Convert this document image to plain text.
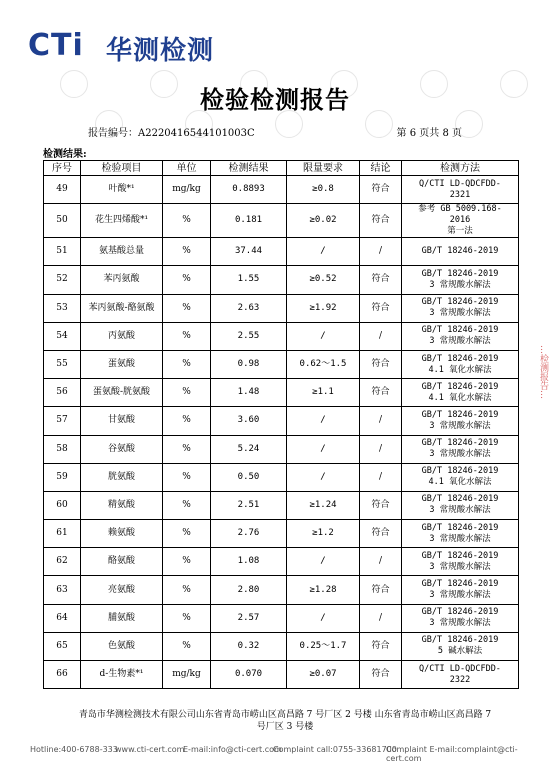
CTi 华测检测
检验检测报告
报告编号：A2220416544101003C	第 6 页共 8 页
检测结果:
序号	检验项目	单位	检测结果	限量要求	结论	检测方法
49	叶酸*¹	mg/kg	0.8893	≥0.8	符合	Q/CTI LD-QDCFDD-
2321

50	花生四烯酸*¹	%	0.181	≥0.02	符合	参考 GB 5009.168-
2016
第一法

51	氨基酸总量	%	37.44	/	/	GB/T 18246-2019

52	苯丙氨酸	%	1.55	≥0.52	符合	GB/T 18246-2019
3 常规酸水解法

53	苯丙氨酸-酪氨酸	%	2.63	≥1.92	符合	GB/T 18246-2019
3 常规酸水解法

54	丙氨酸	%	2.55	/	/	GB/T 18246-2019
3 常规酸水解法

55	蛋氨酸	%	0.98	0.62～1.5	符合	GB/T 18246-2019
4.1 氧化水解法

56	蛋氨酸-胱氨酸	%	1.48	≥1.1	符合	GB/T 18246-2019
4.1 氧化水解法

57	甘氨酸	%	3.60	/	/	GB/T 18246-2019
3 常规酸水解法

58	谷氨酸	%	5.24	/	/	GB/T 18246-2019
3 常规酸水解法

59	胱氨酸	%	0.50	/	/	GB/T 18246-2019
4.1 氧化水解法

60	精氨酸	%	2.51	≥1.24	符合	GB/T 18246-2019
3 常规酸水解法

61	赖氨酸	%	2.76	≥1.2	符合	GB/T 18246-2019
3 常规酸水解法

62	酪氨酸	%	1.08	/	/	GB/T 18246-2019
3 常规酸水解法

63	亮氨酸	%	2.80	≥1.28	符合	GB/T 18246-2019
3 常规酸水解法

64	脯氨酸	%	2.57	/	/	GB/T 18246-2019
3 常规酸水解法

65	色氨酸	%	0.32	0.25～1.7	符合	GB/T 18246-2019
5 碱水解法

66	d-生物素*¹	mg/kg	0.070	≥0.07	符合	Q/CTI LD-QDCFDD-
2322
青岛市华测检测技术有限公司山东省青岛市崂山区高昌路 7 号厂区 2 号楼 山东省青岛市崂山区高昌路 7 号厂区 3 号楼
…检测报告…
Hotline:400-6788-333
www.cti-cert.com
E-mail:info@cti-cert.com
Complaint call:0755-33681700
Complaint E-mail:complaint@cti-cert.com
